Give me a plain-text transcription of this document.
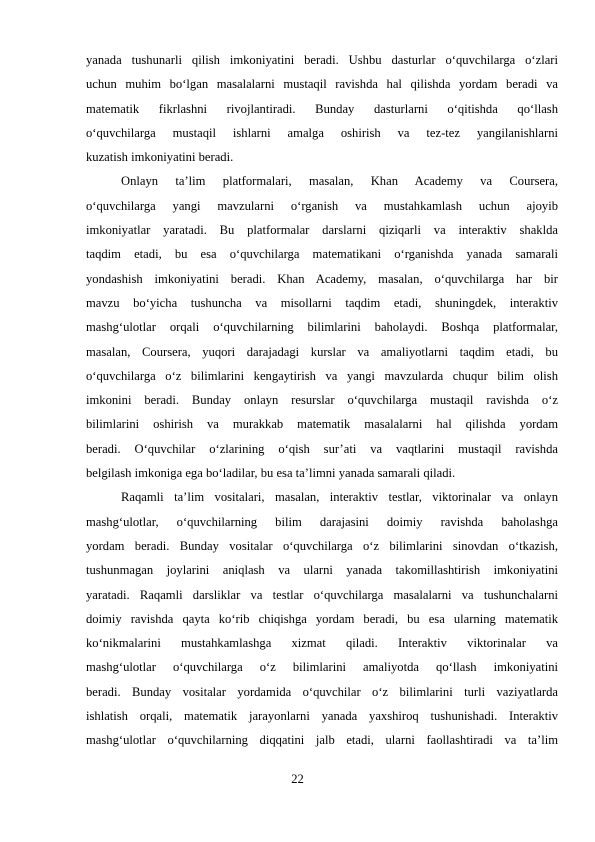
yanada tushunarli qilish imkoniyatini beradi. Ushbu dasturlar o‘quvchilarga o‘zlari
uchun muhim bo‘lgan masalalarni mustaqil ravishda hal qilishda yordam beradi va
matematik fikrlashni rivojlantiradi. Bunday dasturlarni o‘qitishda qo‘llash
o‘quvchilarga mustaqil ishlarni amalga oshirish va tez-tez yangilanishlarni
kuzatish imkoniyatini beradi.
Onlayn ta’lim platformalari, masalan, Khan Academy va Coursera,
o‘quvchilarga yangi mavzularni o‘rganish va mustahkamlash uchun ajoyib
imkoniyatlar yaratadi. Bu platformalar darslarni qiziqarli va interaktiv shaklda
taqdim etadi, bu esa o‘quvchilarga matematikani o‘rganishda yanada samarali
yondashish imkoniyatini beradi. Khan Academy, masalan, o‘quvchilarga har bir
mavzu bo‘yicha tushuncha va misollarni taqdim etadi, shuningdek, interaktiv
mashg‘ulotlar orqali o‘quvchilarning bilimlarini baholaydi. Boshqa platformalar,
masalan, Coursera, yuqori darajadagi kurslar va amaliyotlarni taqdim etadi, bu
o‘quvchilarga o‘z bilimlarini kengaytirish va yangi mavzularda chuqur bilim olish
imkonini beradi. Bunday onlayn resurslar o‘quvchilarga mustaqil ravishda o‘z
bilimlarini oshirish va murakkab matematik masalalarni hal qilishda yordam
beradi. O‘quvchilar o‘zlarining o‘qish sur’ati va vaqtlarini mustaqil ravishda
belgilash imkoniga ega bo‘ladilar, bu esa ta’limni yanada samarali qiladi.
Raqamli ta’lim vositalari, masalan, interaktiv testlar, viktorinalar va onlayn
mashg‘ulotlar, o‘quvchilarning bilim darajasini doimiy ravishda baholashga
yordam beradi. Bunday vositalar o‘quvchilarga o‘z bilimlarini sinovdan o‘tkazish,
tushunmagan joylarini aniqlash va ularni yanada takomillashtirish imkoniyatini
yaratadi. Raqamli darsliklar va testlar o‘quvchilarga masalalarni va tushunchalarni
doimiy ravishda qayta ko‘rib chiqishga yordam beradi, bu esa ularning matematik
ko‘nikmalarini mustahkamlashga xizmat qiladi. Interaktiv viktorinalar va
mashg‘ulotlar o‘quvchilarga o‘z bilimlarini amaliyotda qo‘llash imkoniyatini
beradi. Bunday vositalar yordamida o‘quvchilar o‘z bilimlarini turli vaziyatlarda
ishlatish orqali, matematik jarayonlarni yanada yaxshiroq tushunishadi. Interaktiv
mashg‘ulotlar o‘quvchilarning diqqatini jalb etadi, ularni faollashtiradi va ta’lim
22
